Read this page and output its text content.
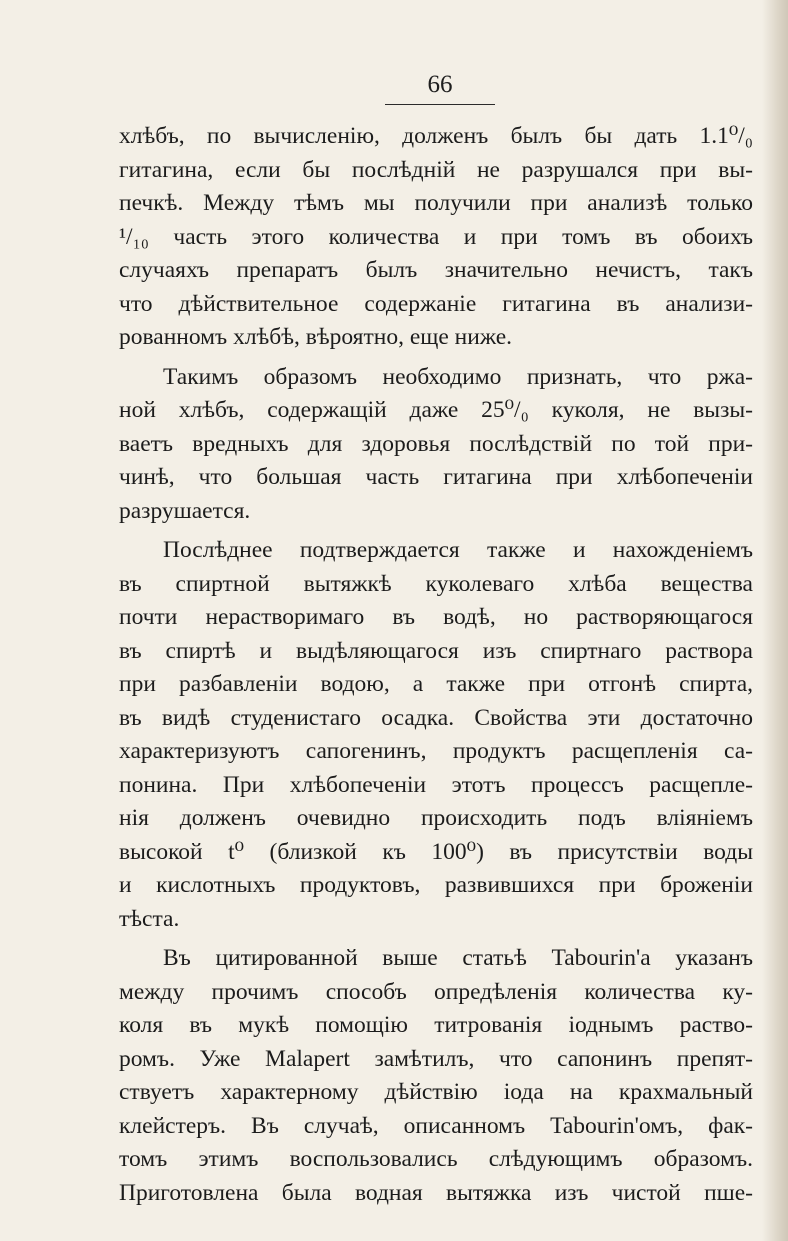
66
хлѣбъ, по вычисленію, долженъ былъ бы дать 1.1⁰/₀
гитагина, если бы послѣдній не разрушался при вы-
печкѣ. Между тѣмъ мы получили при анализѣ только
¹/₁₀ часть этого количества и при томъ въ обоихъ
случаяхъ препаратъ былъ значительно нечистъ, такъ
что дѣйствительное содержаніе гитагина въ анализи-
рованномъ хлѣбѣ, вѣроятно, еще ниже.
Такимъ образомъ необходимо признать, что ржа-
ной хлѣбъ, содержащій даже 25⁰/₀ куколя, не вызы-
ваетъ вредныхъ для здоровья послѣдствій по той при-
чинѣ, что большая часть гитагина при хлѣбопеченіи
разрушается.
Послѣднее подтверждается также и нахожденіемъ
въ спиртной вытяжкѣ куколеваго хлѣба вещества
почти нерастворимаго въ водѣ, но растворяющагося
въ спиртѣ и выдѣляющагося изъ спиртнаго раствора
при разбавленіи водою, а также при отгонѣ спирта,
въ видѣ студенистаго осадка. Свойства эти достаточно
характеризуютъ сапогенинъ, продуктъ расщепленія са-
понина. При хлѣбопеченіи этотъ процессъ расщепле-
нія долженъ очевидно происходить подъ вліяніемъ
высокой t⁰ (близкой къ 100⁰) въ присутствіи воды
и кислотныхъ продуктовъ, развившихся при броженіи
тѣста.
Въ цитированной выше статьѣ Tabourin'а указанъ
между прочимъ способъ опредѣленія количества ку-
коля въ мукѣ помощію титрованія іоднымъ раство-
ромъ. Уже Malapert замѣтилъ, что сапонинъ препят-
ствуетъ характерному дѣйствію іода на крахмальный
клейстеръ. Въ случаѣ, описанномъ Tabourin'омъ, фак-
томъ этимъ воспользовались слѣдующимъ образомъ.
Приготовлена была водная вытяжка изъ чистой пше-
